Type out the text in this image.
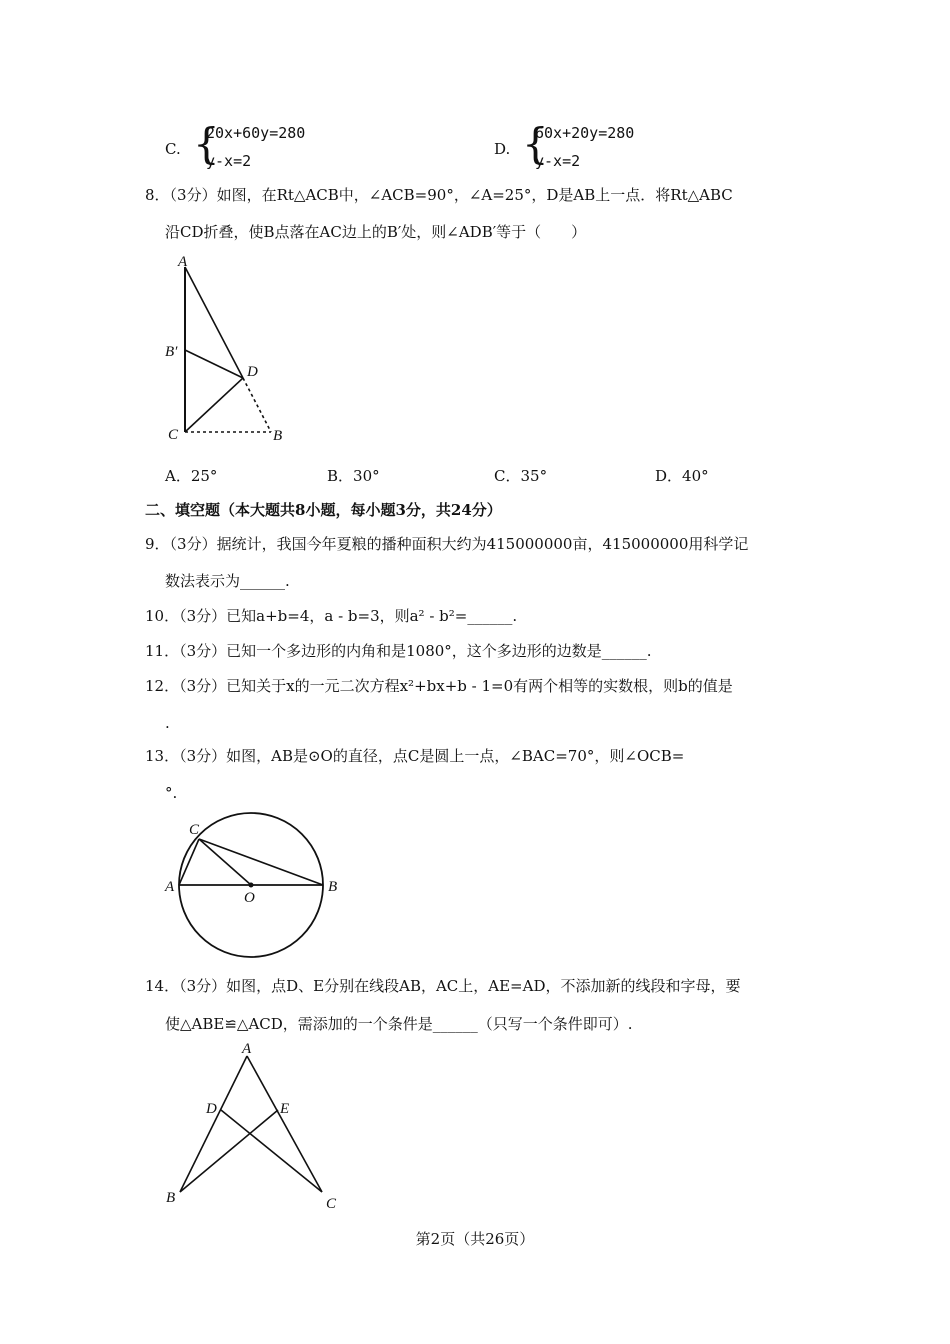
C. {
20x+60y=280
y-x=2
D. {
60x+20y=280
y-x=2
8．（3分）如图，在Rt△ACB中，∠ACB=90°，∠A=25°，D是AB上一点．将Rt△ABC
沿CD折叠，使B点落在AC边上的B′处，则∠ADB′等于（　　）
A
B′
D
C	B
A．25°	B．30°	C．35°	D．40°
二、填空题（本大题共8小题，每小题3分，共24分）
9．（3分）据统计，我国今年夏粮的播种面积大约为415000000亩，415000000用科学记
数法表示为______.
10．（3分）已知a+b=4，a - b=3，则a² - b²=______.
11．（3分）已知一个多边形的内角和是1080°，这个多边形的边数是______.
12．（3分）已知关于x的一元二次方程x²+bx+b - 1=0有两个相等的实数根，则b的值是
.
13．（3分）如图，AB是⊙O的直径，点C是圆上一点，∠BAC=70°，则∠OCB=
°.
C
A	B
O
14．（3分）如图，点D、E分别在线段AB，AC上，AE=AD，不添加新的线段和字母，要
使△ABE≌△ACD，需添加的一个条件是______（只写一个条件即可）.
A
D	E
B	C
第2页（共26页）
